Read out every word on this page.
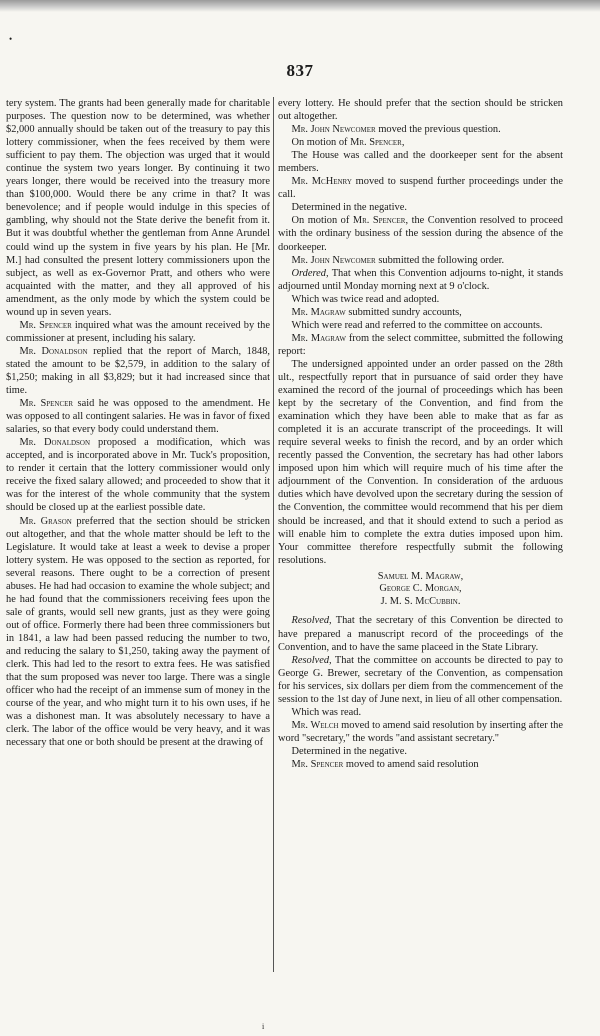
•
837

tery system. The grants had been generally made for charitable purposes. The question now to be determined, was whether $2,000 annually should be taken out of the treasury to pay this lottery commissioner, when the fees received by them were sufficient to pay them. The objection was urged that it would continue the system two years longer. By continuing it two years longer, there would be received into the treasury more than $100,000. Would there be any crime in that? It was benevolence; and if people would indulge in this species of gambling, why should not the State derive the benefit from it. But it was doubtful whether the gentleman from Anne Arundel could wind up the system in five years by his plan. He [Mr. M.] had consulted the present lottery commissioners upon the subject, as well as ex-Governor Pratt, and others who were acquainted with the matter, and they all approved of his amendment, as the only mode by which the system could be wound up in seven years.

Mr. Spencer inquired what was the amount received by the commissioner at present, including his salary.

Mr. Donaldson replied that the report of March, 1848, stated the amount to be $2,579, in addition to the salary of $1,250; making in all $3,829; but it had increased since that time.

Mr. Spencer said he was opposed to the amendment. He was opposed to all contingent salaries. He was in favor of fixed salaries, so that every body could understand them.

Mr. Donaldson proposed a modification, which was accepted, and is incorporated above in Mr. Tuck's proposition, to render it certain that the lottery commissioner would only receive the fixed salary allowed; and proceeded to show that it was for the interest of the whole community that the system should be closed up at the earliest possible date.

Mr. Grason preferred that the section should be stricken out altogether, and that the whole matter should be left to the Legislature. It would take at least a week to devise a proper lottery system. He was opposed to the section as reported, for several reasons. There ought to be a correction of present abuses. He had had occasion to examine the whole subject; and he had found that the commissioners receiving fees upon the sale of grants, would sell new grants, just as they were going out of office. Formerly there had been three commissioners but in 1841, a law had been passed reducing the number to two, and reducing the salary to $1,250, taking away the payment of clerk. This had led to the resort to extra fees. He was satisfied that the sum proposed was never too large. There was a single officer who had the receipt of an immense sum of money in the course of the year, and who might turn it to his own uses, if he was a dishonest man. It was absolutely necessary to have a clerk. The labor of the office would be very heavy, and it was necessary that one or both should be present at the drawing of

every lottery. He should prefer that the section should be stricken out altogether.

Mr. John Newcomer moved the previous question.

On motion of Mr. Spencer,

The House was called and the doorkeeper sent for the absent members.

Mr. McHenry moved to suspend further proceedings under the call.

Determined in the negative.

On motion of Mr. Spencer, the Convention resolved to proceed with the ordinary business of the session during the absence of the doorkeeper.

Mr. John Newcomer submitted the following order.

Ordered, That when this Convention adjourns to-night, it stands adjourned until Monday morning next at 9 o'clock.

Which was twice read and adopted.

Mr. Magraw submitted sundry accounts,

Which were read and referred to the committee on accounts.

Mr. Magraw from the select committee, submitted the following report:

The undersigned appointed under an order passed on the 28th ult., respectfully report that in pursuance of said order they have examined the record of the journal of proceedings which has been kept by the secretary of the Convention, and find from the examination which they have been able to make that as far as completed it is an accurate transcript of the proceedings. It will require several weeks to finish the record, and by an order which recently passed the Convention, the secretary has had other labors imposed upon him which will require much of his time after the adjournment of the Convention. In consideration of the arduous duties which have devolved upon the secretary during the session of the Convention, the committee would recommend that his per diem should be increased, and that it should extend to such a period as will enable him to complete the extra duties imposed upon him. Your committee therefore respectfully submit the following resolutions.

Samuel M. Magraw,
George C. Morgan,
J. M. S. McCubbin.

Resolved, That the secretary of this Convention be directed to have prepared a manuscript record of the proceedings of the Convention, and to have the same placeed in the State Library.

Resolved, That the committee on accounts be directed to pay to George G. Brewer, secretary of the Convention, as compensation for his services, six dollars per diem from the commencement of the session to the 1st day of June next, in lieu of all other compensation.

Which was read.

Mr. Welch moved to amend said resolution by inserting after the word "secretary," the words "and assistant secretary."

Determined in the negative.

Mr. Spencer moved to amend said resolution

i
